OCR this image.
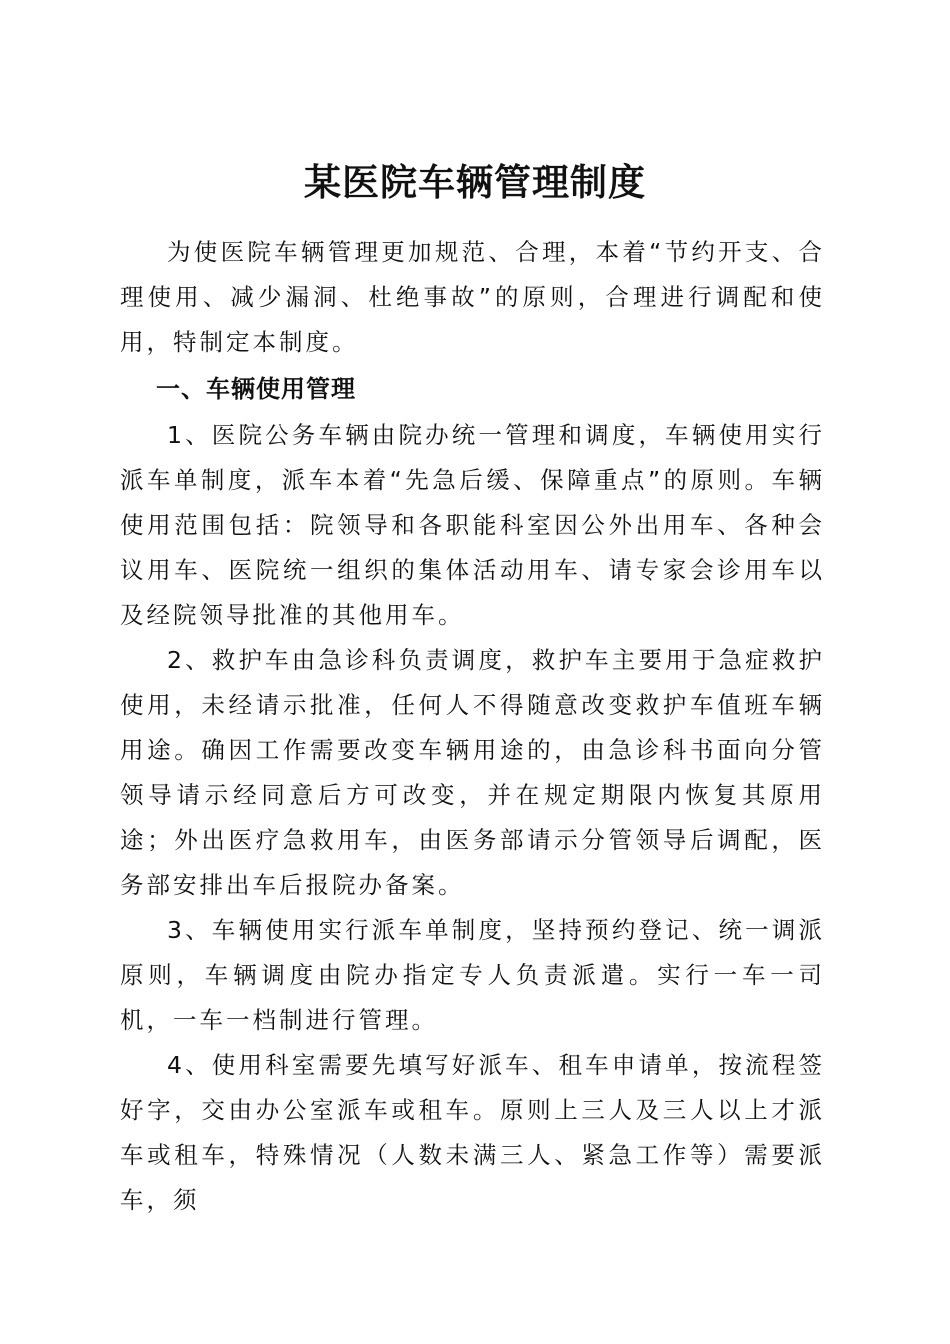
某医院车辆管理制度

为使医院车辆管理更加规范、合理，本着“节约开支、合理使用、减少漏洞、杜绝事故”的原则，合理进行调配和使用，特制定本制度。

一、车辆使用管理

1、医院公务车辆由院办统一管理和调度，车辆使用实行派车单制度，派车本着“先急后缓、保障重点”的原则。车辆使用范围包括：院领导和各职能科室因公外出用车、各种会议用车、医院统一组织的集体活动用车、请专家会诊用车以及经院领导批准的其他用车。

2、救护车由急诊科负责调度，救护车主要用于急症救护使用，未经请示批准，任何人不得随意改变救护车值班车辆用途。确因工作需要改变车辆用途的，由急诊科书面向分管领导请示经同意后方可改变，并在规定期限内恢复其原用途；外出医疗急救用车，由医务部请示分管领导后调配，医务部安排出车后报院办备案。

3、车辆使用实行派车单制度，坚持预约登记、统一调派原则，车辆调度由院办指定专人负责派遣。实行一车一司机，一车一档制进行管理。

4、使用科室需要先填写好派车、租车申请单，按流程签好字，交由办公室派车或租车。原则上三人及三人以上才派车或租车，特殊情况（人数未满三人、紧急工作等）需要派车，须
